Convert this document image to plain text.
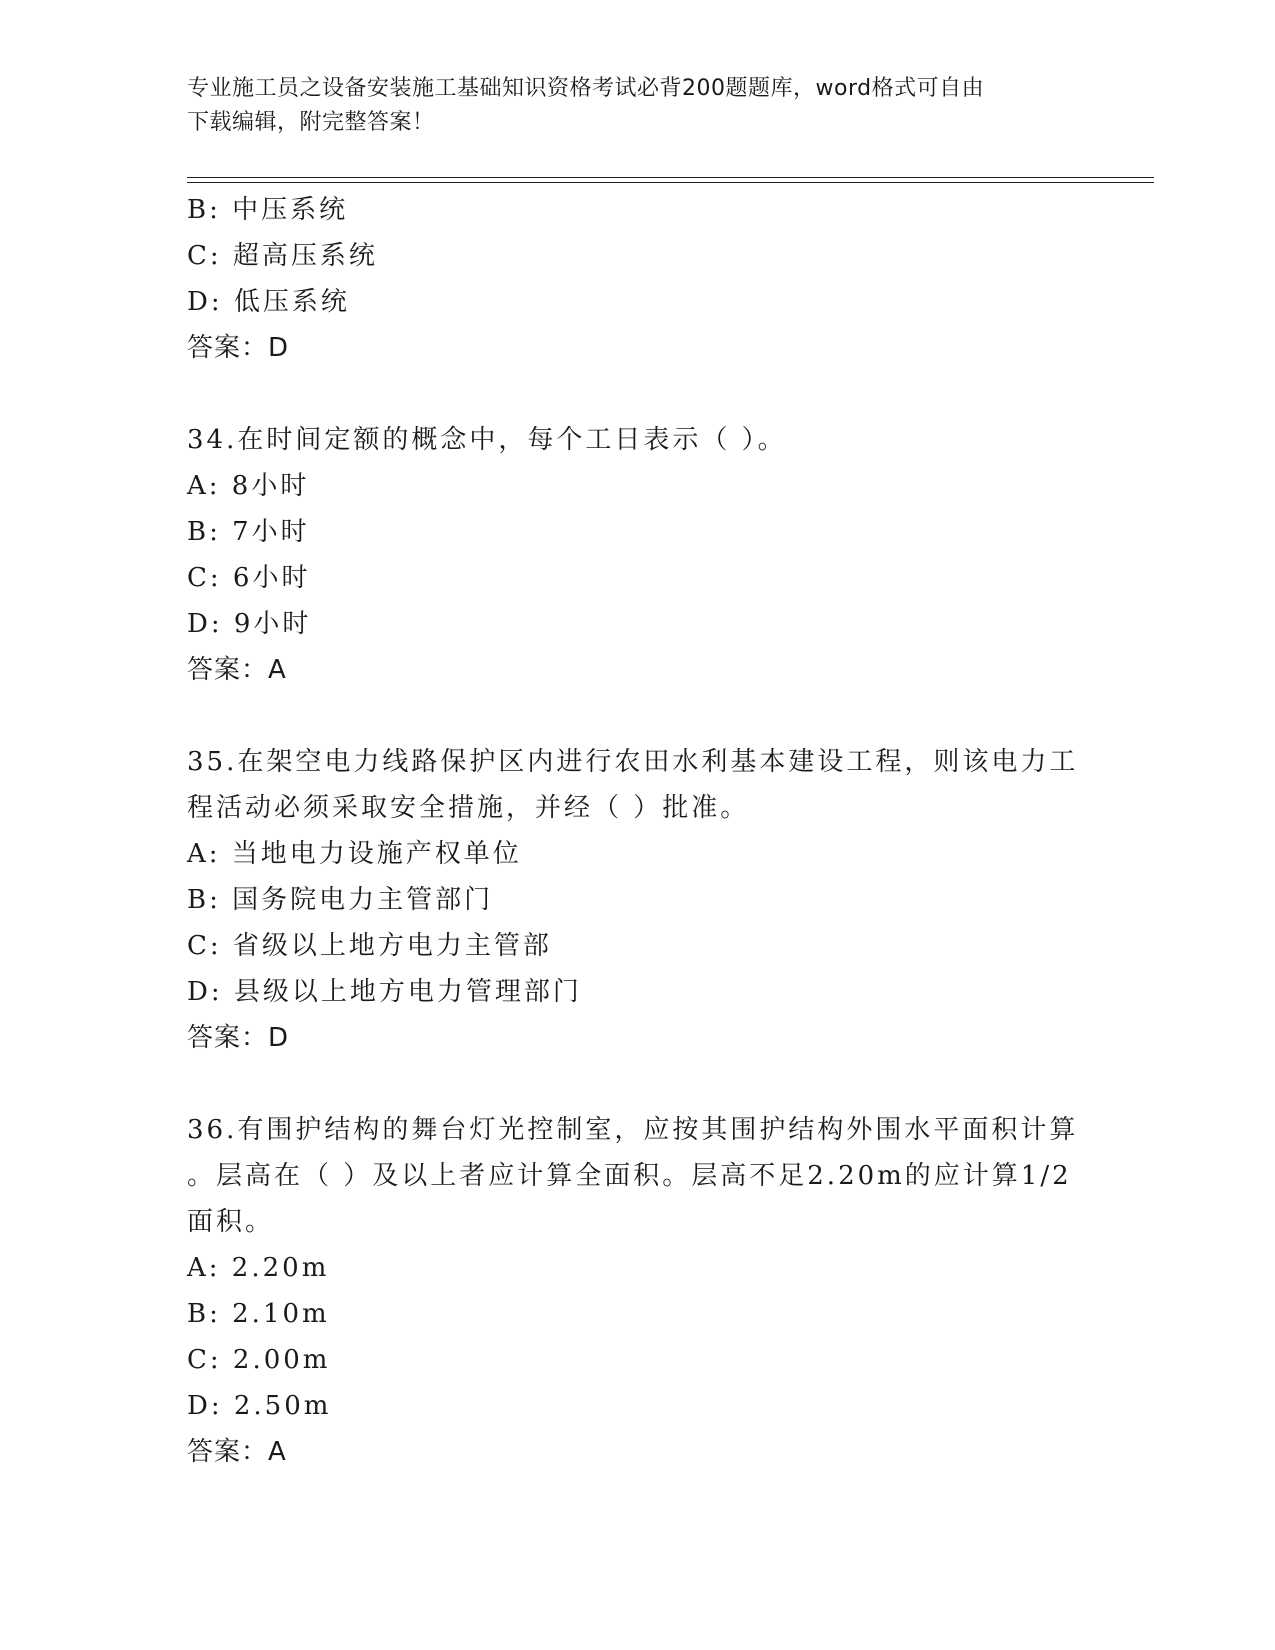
专业施工员之设备安装施工基础知识资格考试必背200题题库，word格式可自由
下载编辑，附完整答案！
B: 中压系统
C: 超高压系统
D: 低压系统
答案：D
34.在时间定额的概念中，每个工日表示（ ）。
A: 8小时
B: 7小时
C: 6小时
D: 9小时
答案：A
35.在架空电力线路保护区内进行农田水利基本建设工程，则该电力工
程活动必须采取安全措施，并经（ ）批准。
A: 当地电力设施产权单位
B: 国务院电力主管部门
C: 省级以上地方电力主管部
D: 县级以上地方电力管理部门
答案：D
36.有围护结构的舞台灯光控制室，应按其围护结构外围水平面积计算
。层高在（ ）及以上者应计算全面积。层高不足2.20m的应计算1/2
面积。
A: 2.20m
B: 2.10m
C: 2.00m
D: 2.50m
答案：A
